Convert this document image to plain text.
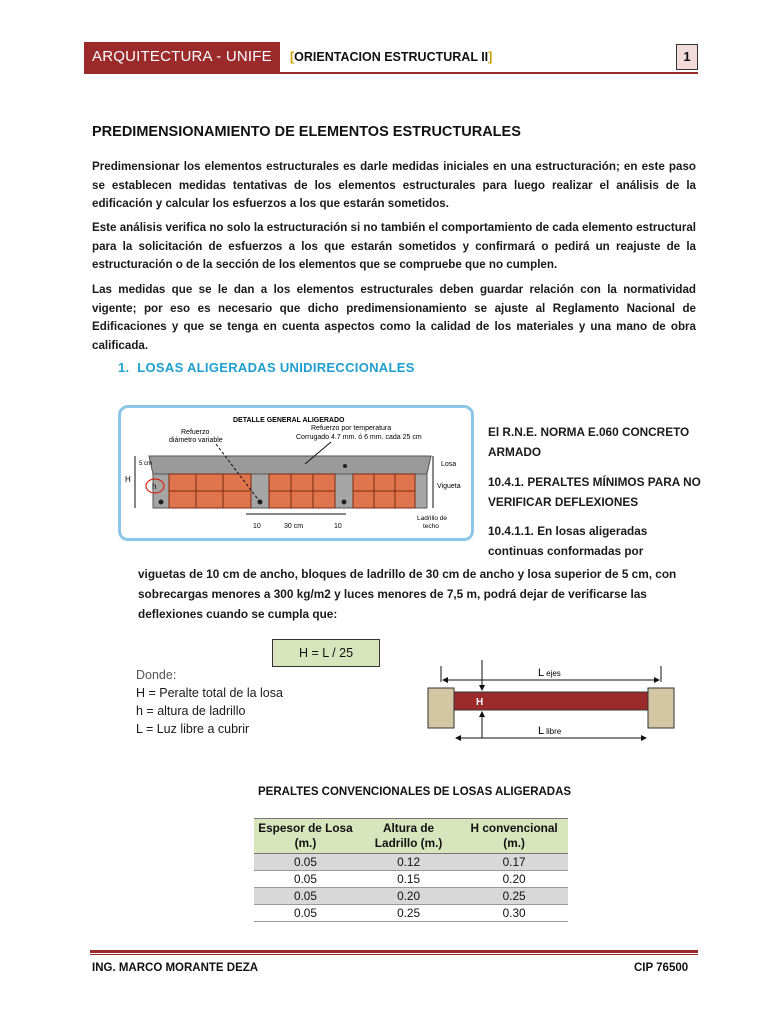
ARQUITECTURA - UNIFE	[ORIENTACION ESTRUCTURAL II]	1
PREDIMENSIONAMIENTO DE ELEMENTOS ESTRUCTURALES
Predimensionar los elementos estructurales es darle medidas iniciales en una estructuración; en este paso se establecen medidas tentativas de los elementos estructurales para luego realizar el análisis de la edificación y calcular los esfuerzos a los que estarán sometidos.
Este análisis verifica no solo la estructuración si no también el comportamiento de cada elemento estructural para la solicitación de esfuerzos a los que estarán sometidos y confirmará o pedirá un reajuste de la estructuración o de la sección de los elementos que se compruebe que no cumplen.
Las medidas que se le dan a los elementos estructurales deben guardar relación con la normatividad vigente; por eso es necesario que dicho predimensionamiento se ajuste al Reglamento Nacional de Edificaciones y que se tenga en cuenta aspectos como la calidad de los materiales y una mano de obra calificada.
1. LOSAS ALIGERADAS UNIDIRECCIONALES
DETALLE GENERAL ALIGERADO
Refuerzo
diámetro variable
Refuerzo por temperatura
Corrugado 4.7 mm. ó 6 mm. cada 25 cm
H
5 cm
h
Losa
Vigueta
Ladrillo de
techo
10	30 cm	10
El R.N.E. NORMA E.060 CONCRETO ARMADO
10.4.1. PERALTES MÍNIMOS PARA NO VERIFICAR DEFLEXIONES
10.4.1.1. En losas aligeradas continuas conformadas por
viguetas de 10 cm de ancho, bloques de ladrillo de 30 cm de ancho y losa superior de 5 cm, con sobrecargas menores a 300 kg/m2 y luces menores de 7,5 m, podrá dejar de verificarse las deflexiones cuando se cumpla que:
H = L / 25
Donde:
H = Peralte total de la losa
h = altura de ladrillo
L = Luz libre a cubrir
L ejes
H
L libre
PERALTES CONVENCIONALES DE LOSAS ALIGERADAS
Espesor de Losa (m.)	Altura de Ladrillo (m.)	H convencional (m.)
0.05	0.12	0.17
0.05	0.15	0.20
0.05	0.20	0.25
0.05	0.25	0.30
ING. MARCO MORANTE DEZA	CIP 76500
